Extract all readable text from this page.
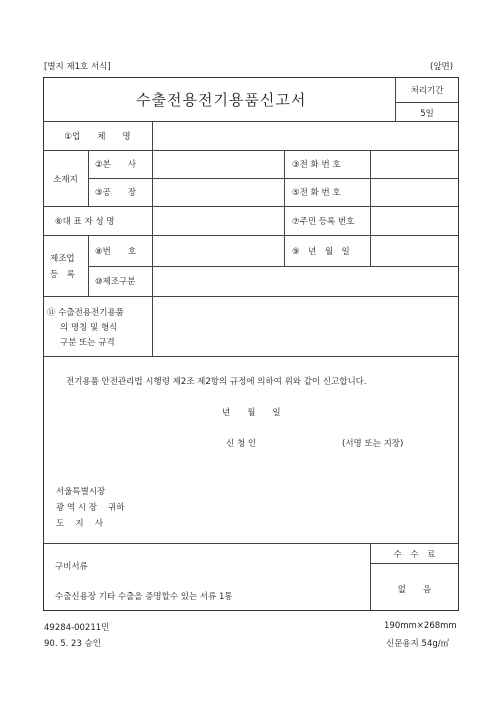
[별지 제1호 서식]	(앞면)
수출전용전기용품신고서	처리기간
5일
①업　　체　　명
소재지
②본　　사	③전 화 번 호
③공　　장	⑤전 화 번 호
⑥대 표 자 성 명	⑦주민 등록 번호
제조업
등　록
⑧번　　호	⑨　년　월　일
⑩제조구분
⑪ 수출전용전기용품
의 명칭 및 형식
구분 또는 규격
전기용품 안전관리법 시행령 제2조 제2항의 규정에 의하여 위와 같이 신고합니다.
년　　월　　일
신 청 인	(서명 또는 지장)
서울특별시장
광 역 시 장　 귀하
도　 지　 사
구비서류
수출신용장 기타 수출을 증명할수 있는 서류 1통
수　수　료
없　　음
49284-00211민
90. 5. 23 승인
190mm×268mm
신문용지 54g/㎡
